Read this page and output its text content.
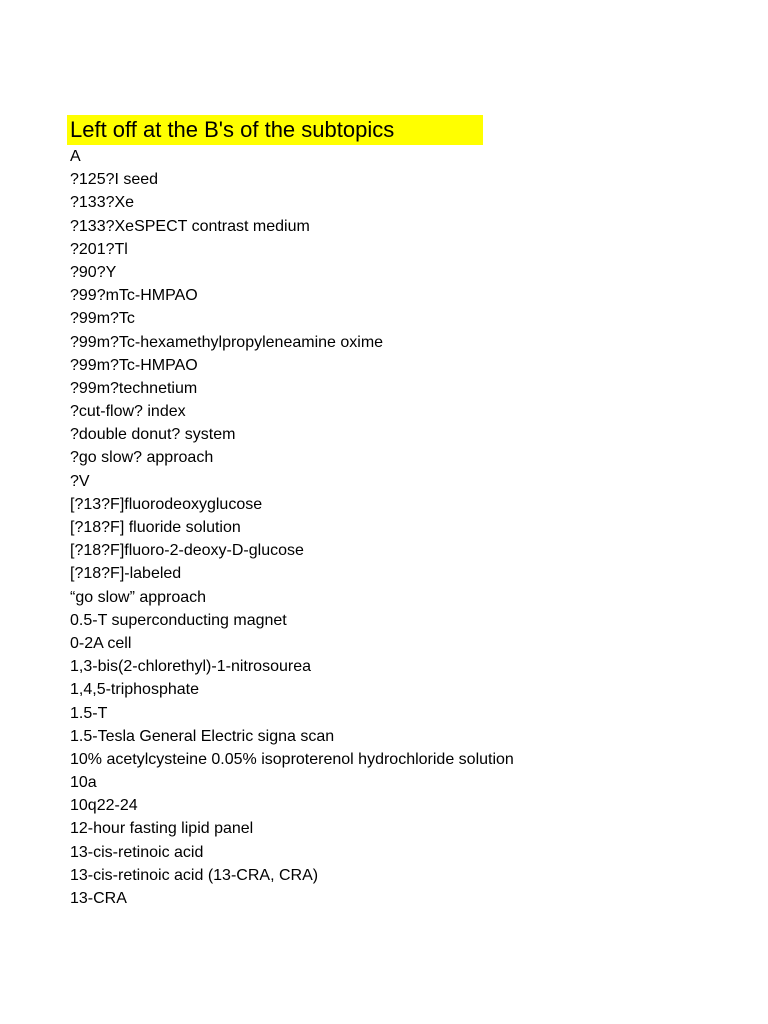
Left off at the B's of the subtopics
A
?125?I seed
?133?Xe
?133?XeSPECT contrast medium
?201?Tl
?90?Y
?99?mTc-HMPAO
?99m?Tc
?99m?Tc-hexamethylpropyleneamine oxime
?99m?Tc-HMPAO
?99m?technetium
?cut-flow? index
?double donut? system
?go slow? approach
?V
[?13?F]fluorodeoxyglucose
[?18?F] fluoride solution
[?18?F]fluoro-2-deoxy-D-glucose
[?18?F]-labeled
“go slow” approach
0.5-T superconducting magnet
0-2A cell
1,3-bis(2-chlorethyl)-1-nitrosourea
1,4,5-triphosphate
1.5-T
1.5-Tesla General Electric signa scan
10% acetylcysteine 0.05% isoproterenol hydrochloride solution
10a
10q22-24
12-hour fasting lipid panel
13-cis-retinoic acid
13-cis-retinoic acid (13-CRA, CRA)
13-CRA
